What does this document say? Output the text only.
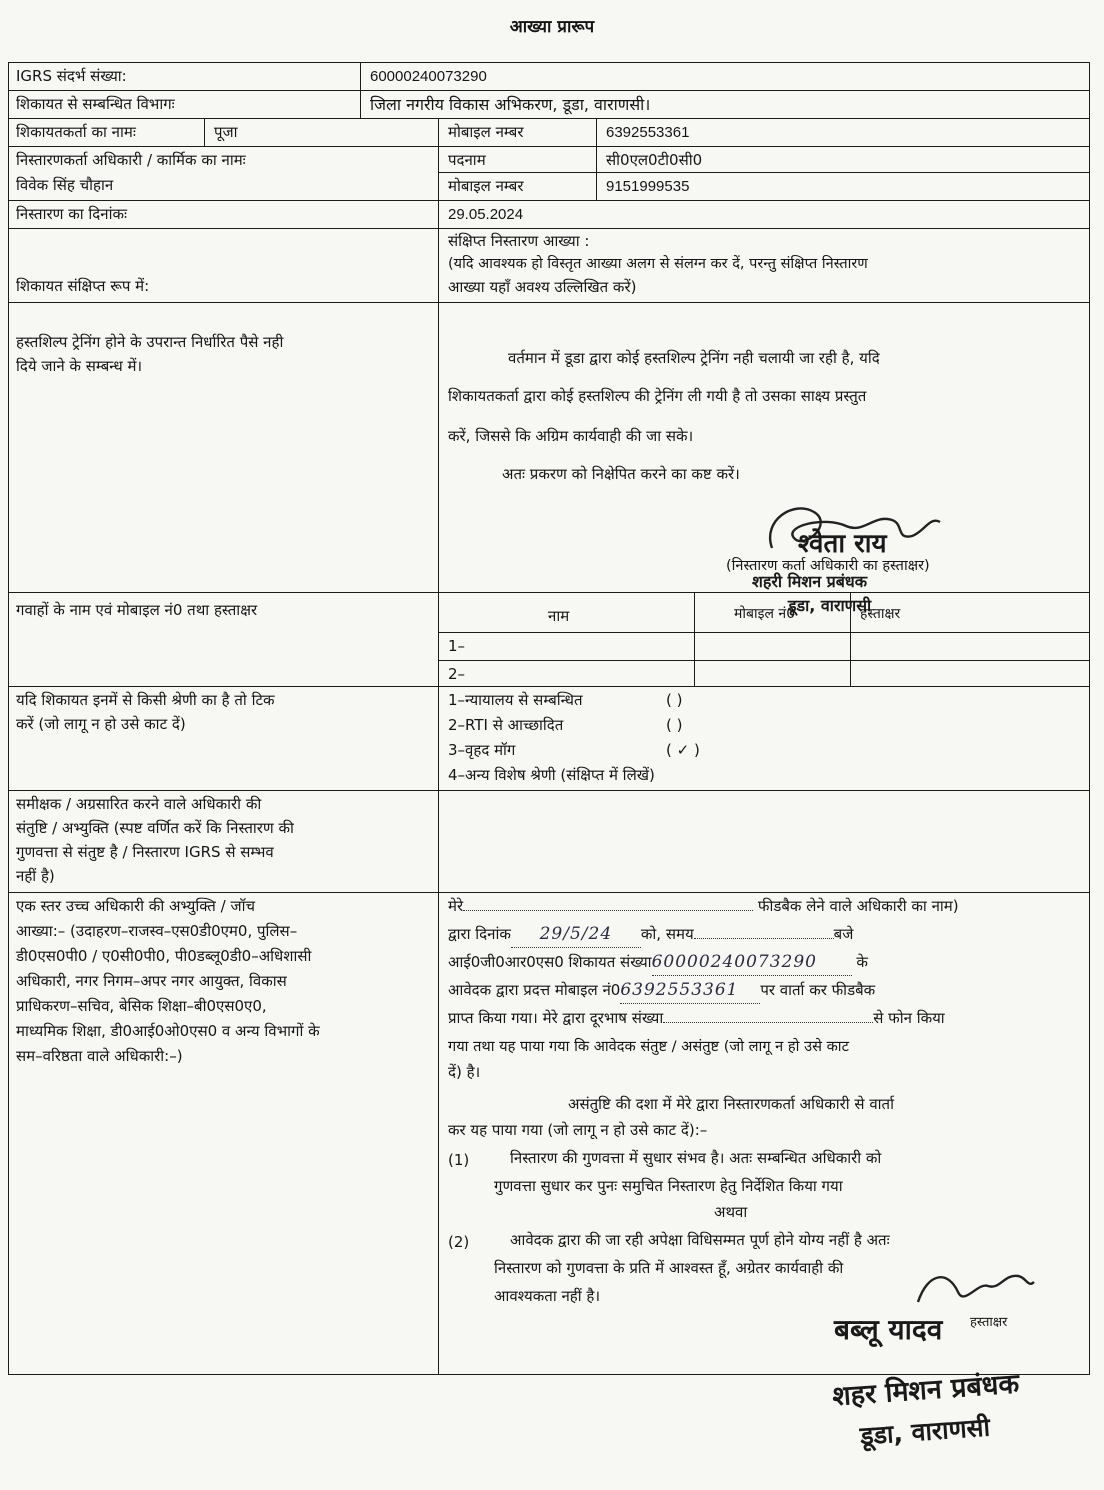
आख्या प्रारूप
IGRS संदर्भ संख्या:	60000240073290
शिकायत से सम्बन्धित विभागः	जिला नगरीय विकास अभिकरण, डूडा, वाराणसी।
शिकायतकर्ता का नामः	पूजा	मोबाइल नम्बर	6392553361
निस्तारणकर्ता अधिकारी / कार्मिक का नामः
विवेक सिंह चौहान
पदनाम	सी0एल0टी0सी0
मोबाइल नम्बर	9151999535
निस्तारण का दिनांकः	29.05.2024
शिकायत संक्षिप्त रूप में:
संक्षिप्त निस्तारण आख्या :
(यदि आवश्यक हो विस्तृत आख्या अलग से संलग्न कर दें, परन्तु संक्षिप्त निस्तारण
आख्या यहाँ अवश्य उल्लिखित करें)
हस्तशिल्प ट्रेनिंग होने के उपरान्त निर्धारित पैसे नही
दिये जाने के सम्बन्ध में।	वर्तमान में डूडा द्वारा कोई हस्तशिल्प ट्रेनिंग नही चलायी जा रही है, यदि
शिकायतकर्ता द्वारा कोई हस्तशिल्प की ट्रेनिंग ली गयी है तो उसका साक्ष्य प्रस्तुत
करें, जिससे कि अग्रिम कार्यवाही की जा सके।
अतः प्रकरण को निक्षेपित करने का कष्ट करें।
श्वेता राय
(निस्तारण कर्ता अधिकारी का हस्ताक्षर)
शहरी मिशन प्रबंधक
डूडा, वाराणसी
गवाहों के नाम एवं मोबाइल नं0 तथा हस्ताक्षर	नाम	मोबाइल नं0	हस्ताक्षर
1–
2–
यदि शिकायत इनमें से किसी श्रेणी का है तो टिक
करें (जो लागू न हो उसे काट दें)
1–न्यायालय से सम्बन्धित	( )
2–RTI से आच्छादित	( )
3–वृहद मॉग	( ✓ )
4–अन्य विशेष श्रेणी (संक्षिप्त में लिखें)
समीक्षक / अग्रसारित करने वाले अधिकारी की
संतुष्टि / अभ्युक्ति (स्पष्ट वर्णित करें कि निस्तारण की
गुणवत्ता से संतुष्ट है / निस्तारण IGRS से सम्भव
नहीं है)
एक स्तर उच्च अधिकारी की अभ्युक्ति / जॉच
आख्या:– (उदाहरण–राजस्व–एस0डी0एम0, पुलिस–
डी0एस0पी0 / ए0सी0पी0, पी0डब्लू0डी0–अधिशासी
अधिकारी, नगर निगम–अपर नगर आयुक्त, विकास
प्राधिकरण–सचिव, बेसिक शिक्षा–बी0एस0ए0,
माध्यमिक शिक्षा, डी0आई0ओ0एस0 व अन्य विभागों के
सम–वरिष्ठता वाले अधिकारी:–)
मेरे	फीडबैक लेने वाले अधिकारी का नाम)
द्वारा दिनांक 29/5/24 को, समय	बजे
आई0जी0आर0एस0 शिकायत संख्या60000240073290	के
आवेदक द्वारा प्रदत्त मोबाइल नं06392553361 पर वार्ता कर फीडबैक
प्राप्त किया गया। मेरे द्वारा दूरभाष संख्या	से फोन किया
गया तथा यह पाया गया कि आवेदक संतुष्ट / असंतुष्ट (जो लागू न हो उसे काट
दें) है।
असंतुष्टि की दशा में मेरे द्वारा निस्तारणकर्ता अधिकारी से वार्ता
कर यह पाया गया (जो लागू न हो उसे काट दें):–
(1)	निस्तारण की गुणवत्ता में सुधार संभव है। अतः सम्बन्धित अधिकारी को
गुणवत्ता सुधार कर पुनः समुचित निस्तारण हेतु निर्देशित किया गया
अथवा
(2)	आवेदक द्वारा की जा रही अपेक्षा विधिसम्मत पूर्ण होने योग्य नहीं है अतः
निस्तारण को गुणवत्ता के प्रति में आश्वस्त हूँ, अग्रेतर कार्यवाही की
आवश्यकता नहीं है।
बब्लू यादव हस्ताक्षर
शहर मिशन प्रबंधक
डूडा, वाराणसी
